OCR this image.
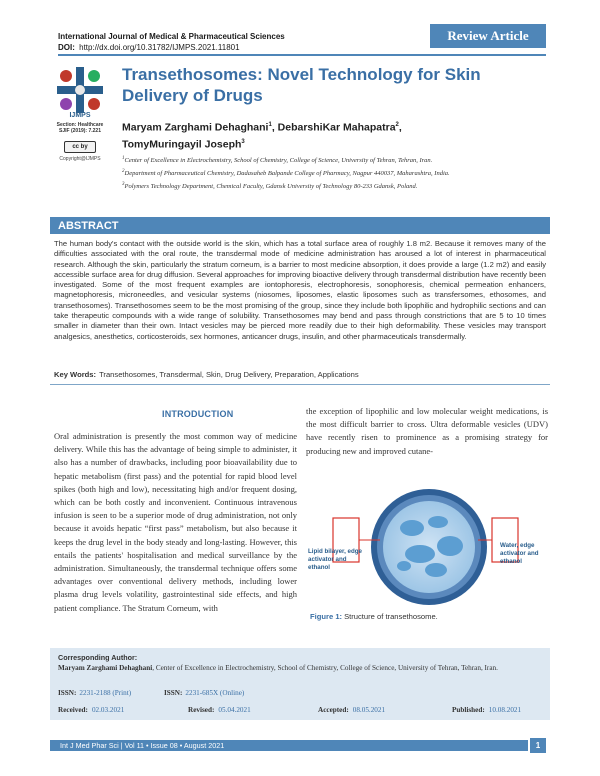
International Journal of Medical & Pharmaceutical Sciences
DOI: http://dx.doi.org/10.31782/IJMPS.2021.11801
Review Article
IJMPS
Section: Healthcare
SJIF (2019): 7.221
cc by
Copyright@IJMPS
Transethosomes: Novel Technology for Skin Delivery of Drugs
Maryam Zarghami Dehaghani$^1$, DebarshiKar Mahapatra$^2$,
TomyMuringayil Joseph$^3$
$^1$Center of Excellence in Electrochemistry, School of Chemistry, College of Science, University of Tehran, Tehran, Iran.
$^2$Department of Pharmaceutical Chemistry, Dadasaheb Balpande College of Pharmacy, Nagpur 440037, Maharashtra, India.
$^3$Polymers Technology Department, Chemical Faculty, Gdansk University of Technology 80-233 Gdansk, Poland.
ABSTRACT
The human body's contact with the outside world is the skin, which has a total surface area of roughly 1.8 m2. Because it removes many of the difficulties associated with the oral route, the transdermal mode of medicine administration has aroused a lot of interest in pharmaceutical research. Although the skin, particularly the stratum corneum, is a barrier to most medicine absorption, it does provide a large (1.2 m2) and easily accessible surface area for drug diffusion. Several approaches for improving bioactive delivery through transdermal distribution have recently been investigated. Some of the most frequent examples are iontophoresis, electrophoresis, sonophoresis, chemical permeation enhancers, magnetophoresis, microneedles, and vesicular systems (niosomes, liposomes, elastic liposomes such as transfersomes, ethosomes, and transethosomes). Transethosomes seem to be the most promising of the group, since they include both lipophilic and hydrophilic sections and can take therapeutic compounds with a wide range of solubility. Transethosomes may bend and pass through constrictions that are 5 to 10 times smaller in diameter than their own. Intact vesicles may be pierced more readily due to their high deformability. These vesicles may transport analgesics, anesthetics, corticosteroids, sex hormones, anticancer drugs, insulin, and other pharmaceuticals transdermally.
Key Words: Transethosomes, Transdermal, Skin, Drug Delivery, Preparation, Applications
INTRODUCTION
Oral administration is presently the most common way of medicine delivery. While this has the advantage of being simple to administer, it also has a number of drawbacks, including poor bioavailability due to hepatic metabolism (first pass) and the potential for rapid blood level spikes (both high and low), necessitating high and/or frequent dosing, which can be both costly and inconvenient. Continuous intravenous infusion is seen to be a superior mode of drug administration, not only because it avoids hepatic “first pass” metabolism, but also because it keeps the drug level in the body steady and long-lasting. However, this entails the patients' hospitalisation and medical surveillance by the administration. Simultaneously, the transdermal technique offers some advantages over conventional delivery methods, including lower plasma drug levels volatility, gastrointestinal side effects, and high patient compliance. The Stratum Corneum, with
the exception of lipophilic and low molecular weight medications, is the most difficult barrier to cross. Ultra deformable vesicles (UDV) have recently risen to prominence as a promising strategy for producing new and improved cutane-
Lipid bilayer, edge activator and ethanol
Water, edge activator and ethanol
Figure 1: Structure of transethosome.
Corresponding Author:
Maryam Zarghami Dehaghani, Center of Excellence in Electrochemistry, School of Chemistry, College of Science, University of Tehran, Tehran, Iran.
ISSN: 2231-2188 (Print)	ISSN: 2231-685X (Online)
Received: 02.03.2021	Revised: 05.04.2021	Accepted: 08.05.2021	Published: 10.08.2021
Int J Med Phar Sci | Vol 11 • Issue 08 • August 2021	1
